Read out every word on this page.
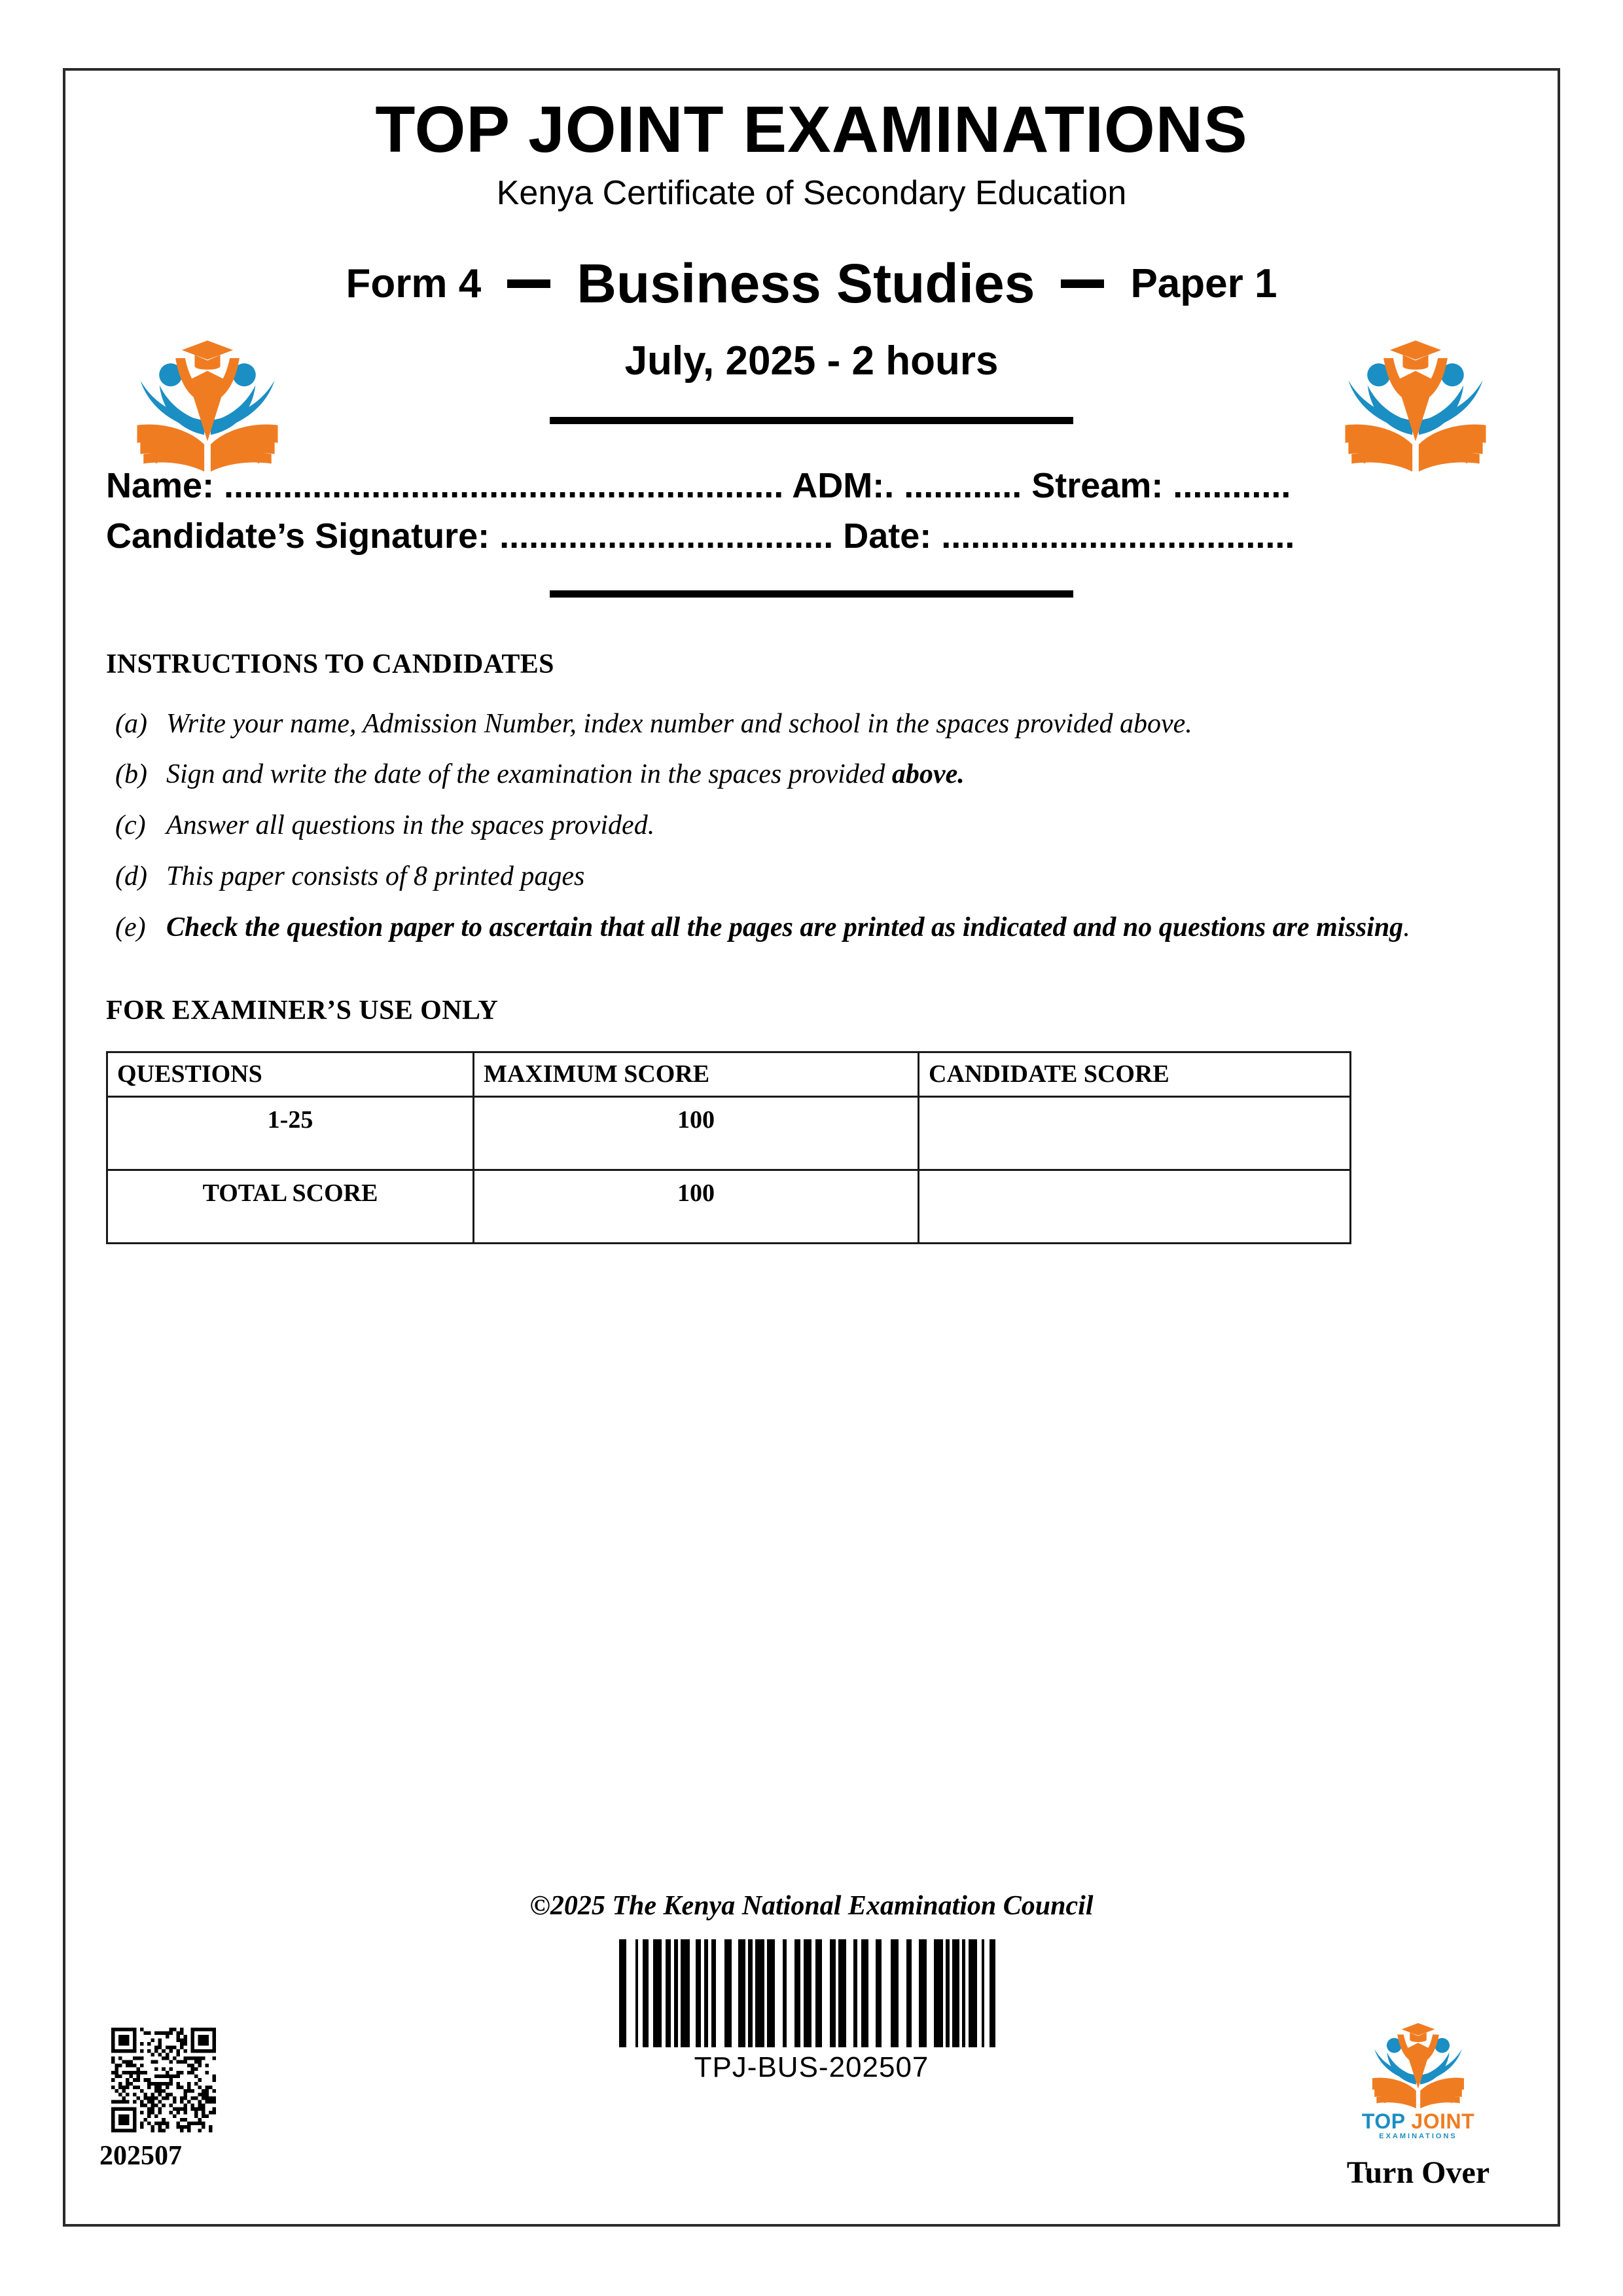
TOP JOINT EXAMINATIONS
Kenya Certificate of Secondary Education
Form 4 Business Studies Paper 1
July, 2025 - 2 hours
Name: ......................................................... ADM:. ............ Stream: ............
Candidate’s Signature: .................................. Date: ....................................
INSTRUCTIONS TO CANDIDATES
(a) Write your name, Admission Number, index number and school in the spaces provided above.
(b) Sign and write the date of the examination in the spaces provided above.
(c) Answer all questions in the spaces provided.
(d) This paper consists of 8 printed pages
(e) Check the question paper to ascertain that all the pages are printed as indicated and no questions are missing.
FOR EXAMINER’S USE ONLY
QUESTIONS	MAXIMUM SCORE	CANDIDATE SCORE
1-25	100	
TOTAL SCORE	100	
©2025 The Kenya National Examination Council
TPJ-BUS-202507
202507
TOP JOINT
EXAMINATIONS
Turn Over
